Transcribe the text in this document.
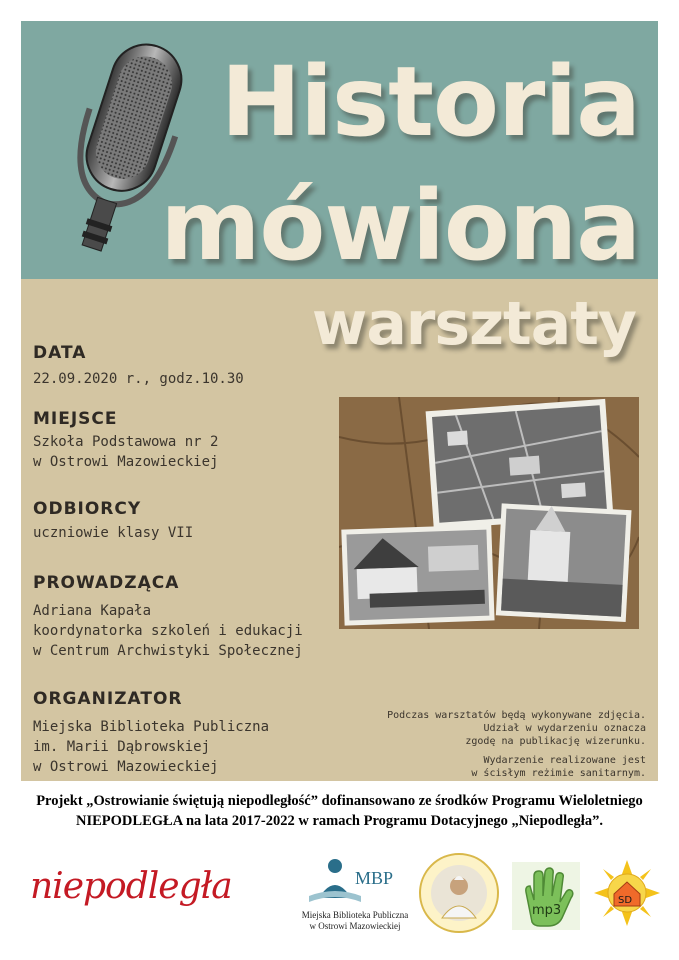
Historia
mówiona
warsztaty
DATA
22.09.2020 r., godz.10.30
MIEJSCE
Szkoła Podstawowa nr 2
w Ostrowi Mazowieckiej
ODBIORCY
uczniowie klasy VII
PROWADZĄCA
Adriana Kapała
koordynatorka szkoleń i edukacji
w Centrum Archwistyki Społecznej
ORGANIZATOR
Miejska Biblioteka Publiczna
im. Marii Dąbrowskiej
w Ostrowi Mazowieckiej
Podczas warsztatów będą wykonywane zdjęcia.
Udział w wydarzeniu oznacza
zgodę na publikację wizerunku.
Wydarzenie realizowane jest
w ścisłym reżimie sanitarnym.
Projekt „Ostrowianie świętują niepodległość” dofinansowano ze środków Programu Wieloletniego
NIEPODLEGŁA na lata 2017-2022 w ramach Programu Dotacyjnego „Niepodległa”.
niepodległa	MBP
Miejska Biblioteka Publiczna
w Ostrowi Mazowieckiej
mp3
SD
